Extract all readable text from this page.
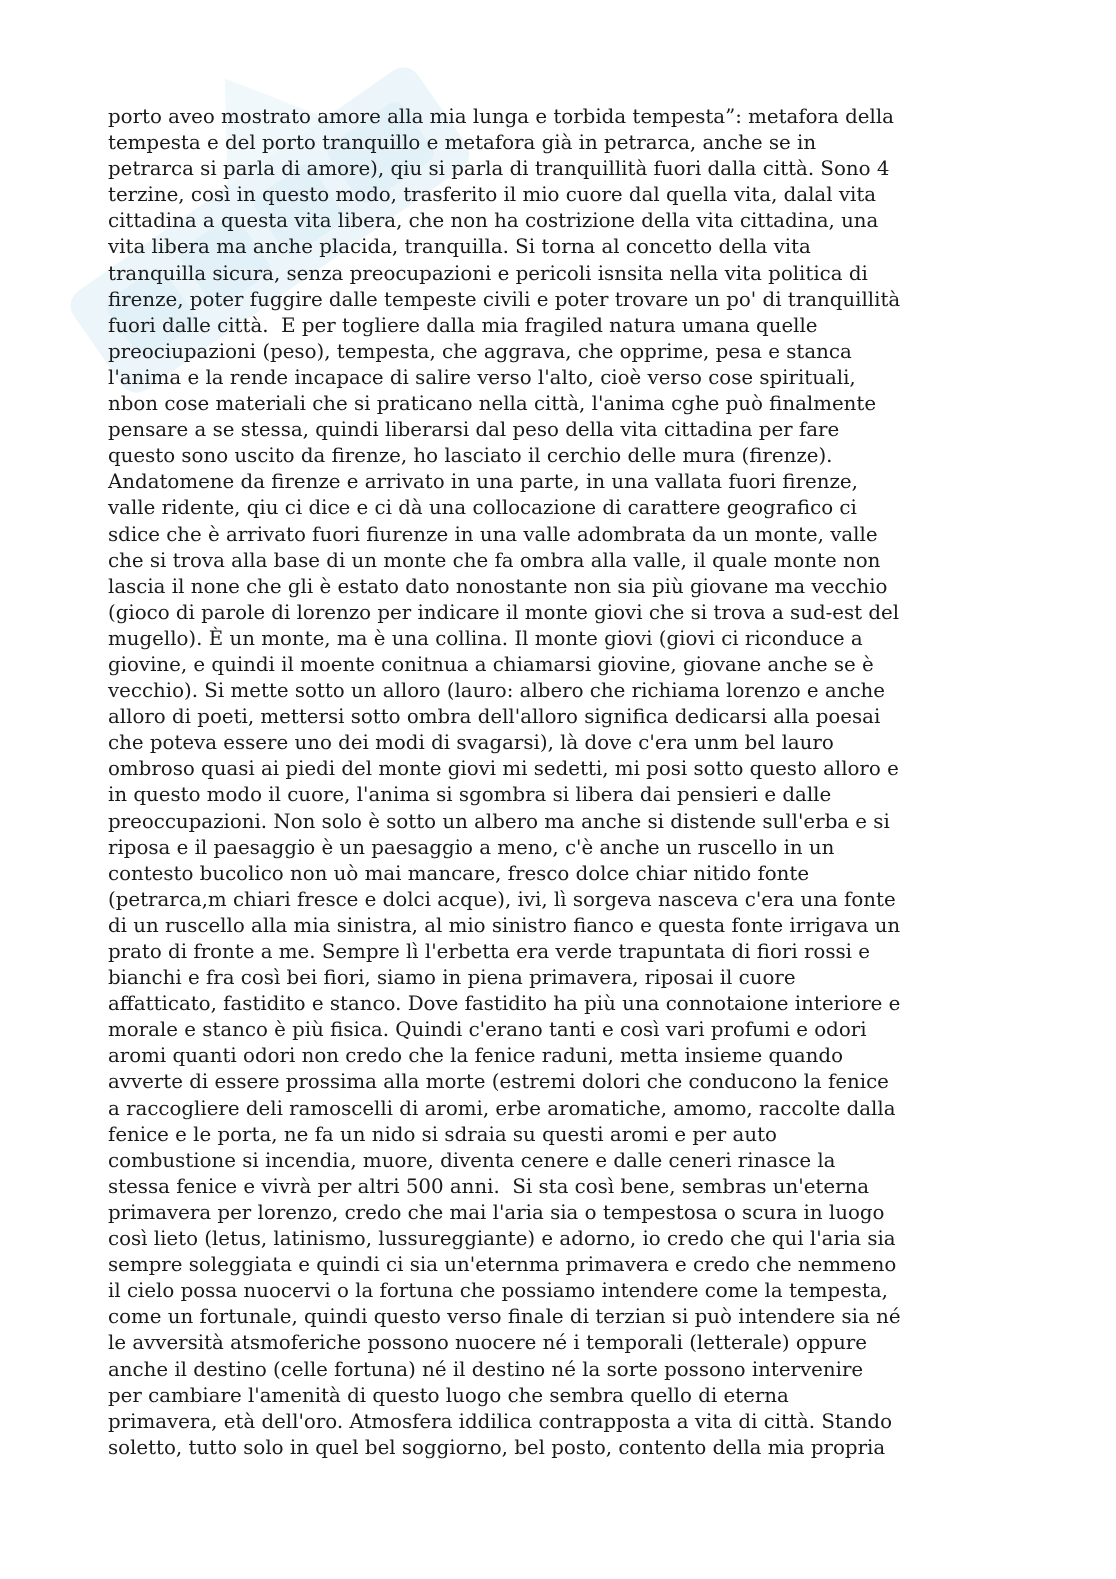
porto aveo mostrato amore alla mia lunga e torbida tempesta”: metafora della
tempesta e del porto tranquillo e metafora già in petrarca, anche se in
petrarca si parla di amore), qiu si parla di tranquillità fuori dalla città. Sono 4
terzine, così in questo modo, trasferito il mio cuore dal quella vita, dalal vita
cittadina a questa vita libera, che non ha costrizione della vita cittadina, una
vita libera ma anche placida, tranquilla. Si torna al concetto della vita
tranquilla sicura, senza preocupazioni e pericoli isnsita nella vita politica di
firenze, poter fuggire dalle tempeste civili e poter trovare un po' di tranquillità
fuori dalle città.  E per togliere dalla mia fragiled natura umana quelle
preociupazioni (peso), tempesta, che aggrava, che opprime, pesa e stanca
l'anima e la rende incapace di salire verso l'alto, cioè verso cose spirituali,
nbon cose materiali che si praticano nella città, l'anima cghe può finalmente
pensare a se stessa, quindi liberarsi dal peso della vita cittadina per fare
questo sono uscito da firenze, ho lasciato il cerchio delle mura (firenze).
Andatomene da firenze e arrivato in una parte, in una vallata fuori firenze,
valle ridente, qiu ci dice e ci dà una collocazione di carattere geografico ci
sdice che è arrivato fuori fiurenze in una valle adombrata da un monte, valle
che si trova alla base di un monte che fa ombra alla valle, il quale monte non
lascia il none che gli è estato dato nonostante non sia più giovane ma vecchio
(gioco di parole di lorenzo per indicare il monte giovi che si trova a sud-est del
mugello). È un monte, ma è una collina. Il monte giovi (giovi ci riconduce a
giovine, e quindi il moente conitnua a chiamarsi giovine, giovane anche se è
vecchio). Si mette sotto un alloro (lauro: albero che richiama lorenzo e anche
alloro di poeti, mettersi sotto ombra dell'alloro significa dedicarsi alla poesai
che poteva essere uno dei modi di svagarsi), là dove c'era unm bel lauro
ombroso quasi ai piedi del monte giovi mi sedetti, mi posi sotto questo alloro e
in questo modo il cuore, l'anima si sgombra si libera dai pensieri e dalle
preoccupazioni. Non solo è sotto un albero ma anche si distende sull'erba e si
riposa e il paesaggio è un paesaggio a meno, c'è anche un ruscello in un
contesto bucolico non uò mai mancare, fresco dolce chiar nitido fonte
(petrarca,m chiari fresce e dolci acque), ivi, lì sorgeva nasceva c'era una fonte
di un ruscello alla mia sinistra, al mio sinistro fianco e questa fonte irrigava un
prato di fronte a me. Sempre lì l'erbetta era verde trapuntata di fiori rossi e
bianchi e fra così bei fiori, siamo in piena primavera, riposai il cuore
affatticato, fastidito e stanco. Dove fastidito ha più una connotaione interiore e
morale e stanco è più fisica. Quindi c'erano tanti e così vari profumi e odori
aromi quanti odori non credo che la fenice raduni, metta insieme quando
avverte di essere prossima alla morte (estremi dolori che conducono la fenice
a raccogliere deli ramoscelli di aromi, erbe aromatiche, amomo, raccolte dalla
fenice e le porta, ne fa un nido si sdraia su questi aromi e per auto
combustione si incendia, muore, diventa cenere e dalle ceneri rinasce la
stessa fenice e vivrà per altri 500 anni.  Si sta così bene, sembras un'eterna
primavera per lorenzo, credo che mai l'aria sia o tempestosa o scura in luogo
così lieto (letus, latinismo, lussureggiante) e adorno, io credo che qui l'aria sia
sempre soleggiata e quindi ci sia un'eternma primavera e credo che nemmeno
il cielo possa nuocervi o la fortuna che possiamo intendere come la tempesta,
come un fortunale, quindi questo verso finale di terzian si può intendere sia né
le avversità atsmoferiche possono nuocere né i temporali (letterale) oppure
anche il destino (celle fortuna) né il destino né la sorte possono intervenire
per cambiare l'amenità di questo luogo che sembra quello di eterna
primavera, età dell'oro. Atmosfera iddilica contrapposta a vita di città. Stando
soletto, tutto solo in quel bel soggiorno, bel posto, contento della mia propria
